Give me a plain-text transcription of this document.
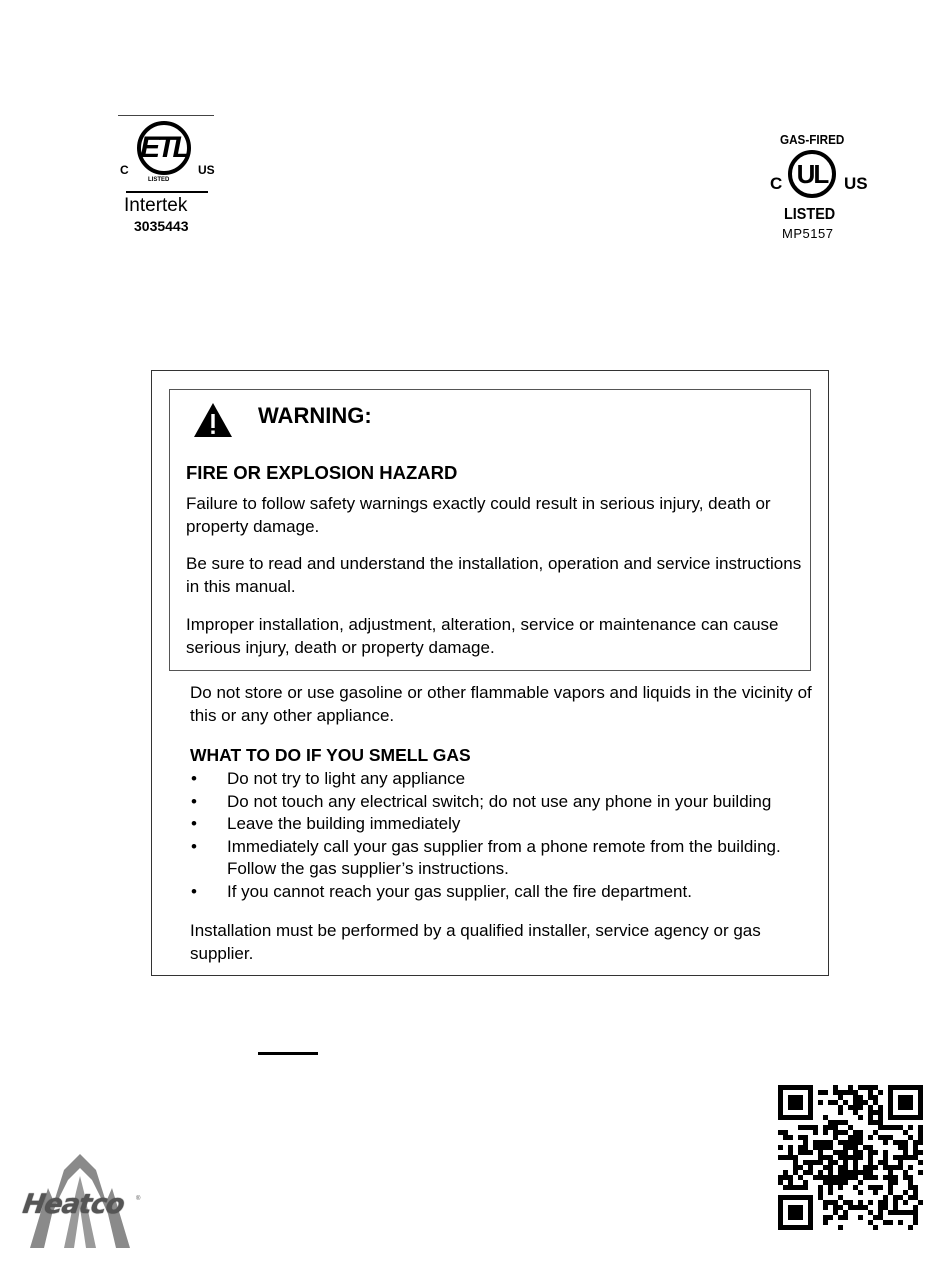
ETL
C	US
LISTED
Intertek
3035443
GAS-FIRED
UL
C	US
LISTED
MP5157
WARNING:
FIRE OR EXPLOSION HAZARD
Failure to follow safety warnings exactly could result in serious injury, death or property damage.
Be sure to read and understand the installation, operation and service instructions in this manual.
Improper installation, adjustment, alteration, service or maintenance can cause serious injury, death or property damage.
Do not store or use gasoline or other flammable vapors and liquids in the vicinity of this or any other appliance.
WHAT TO DO IF YOU SMELL GAS
• Do not try to light any appliance
• Do not touch any electrical switch; do not use any phone in your building
• Leave the building immediately
• Immediately call your gas supplier from a phone remote from the building. Follow the gas supplier’s instructions.
• If you cannot reach your gas supplier, call the fire department.
Installation must be performed by a qualified installer, service agency or gas supplier.
Heatco ®
